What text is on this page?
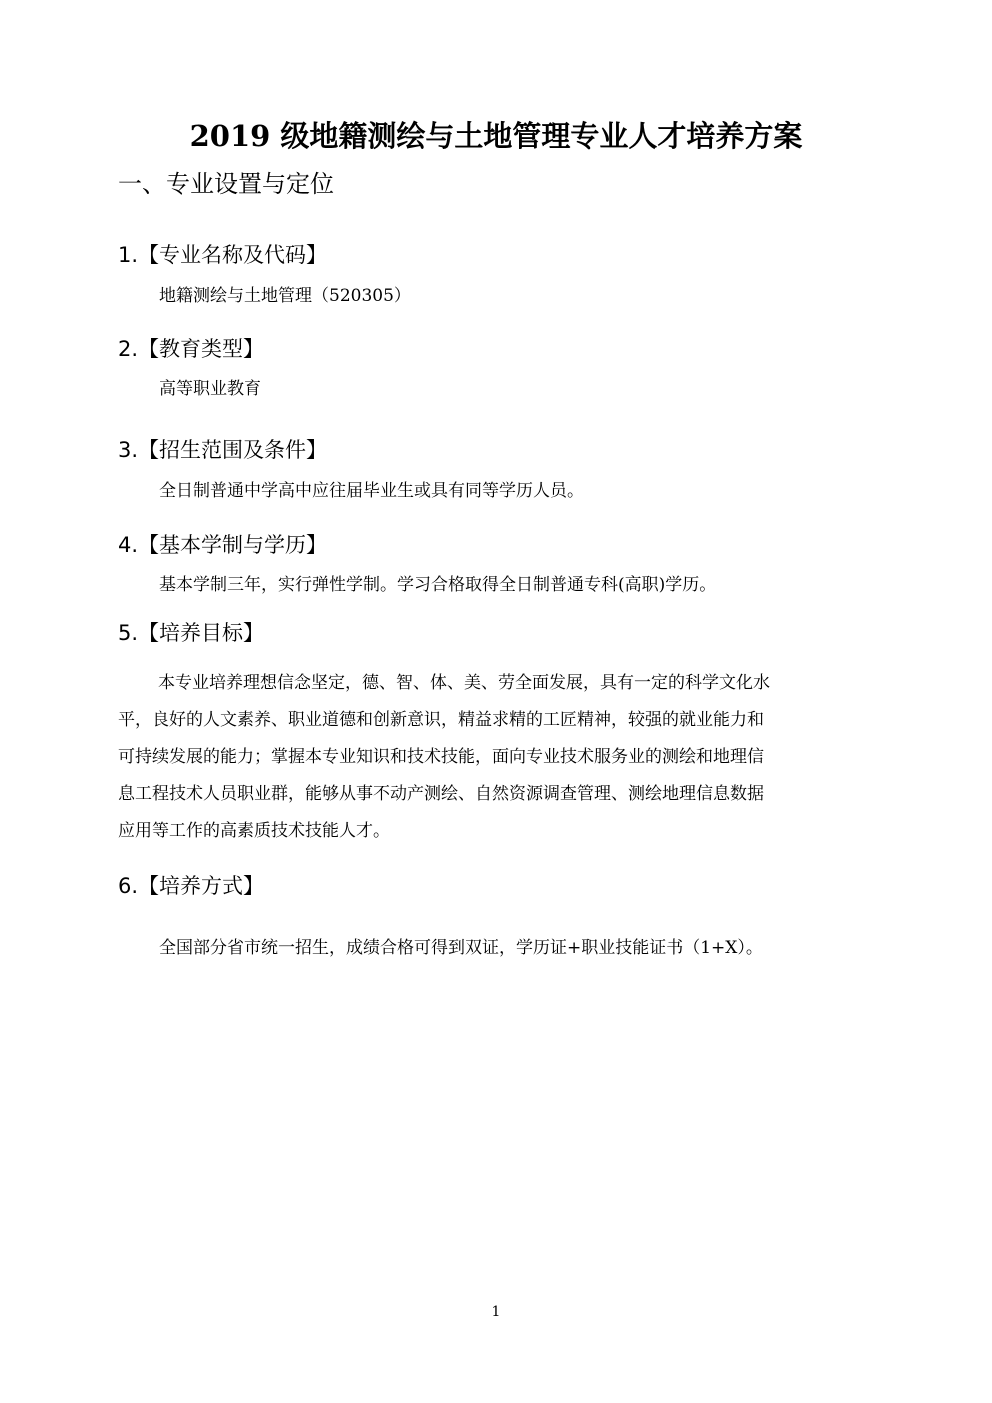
2019 级地籍测绘与土地管理专业人才培养方案
一、专业设置与定位
1.【专业名称及代码】
地籍测绘与土地管理（520305）
2.【教育类型】
高等职业教育
3.【招生范围及条件】
全日制普通中学高中应往届毕业生或具有同等学历人员。
4.【基本学制与学历】
基本学制三年，实行弹性学制。学习合格取得全日制普通专科(高职)学历。
5.【培养目标】
本专业培养理想信念坚定，德、智、体、美、劳全面发展，具有一定的科学文化水
平，良好的人文素养、职业道德和创新意识，精益求精的工匠精神，较强的就业能力和
可持续发展的能力；掌握本专业知识和技术技能，面向专业技术服务业的测绘和地理信
息工程技术人员职业群，能够从事不动产测绘、自然资源调查管理、测绘地理信息数据
应用等工作的高素质技术技能人才。
6.【培养方式】
全国部分省市统一招生，成绩合格可得到双证，学历证+职业技能证书（1+X）。
1
